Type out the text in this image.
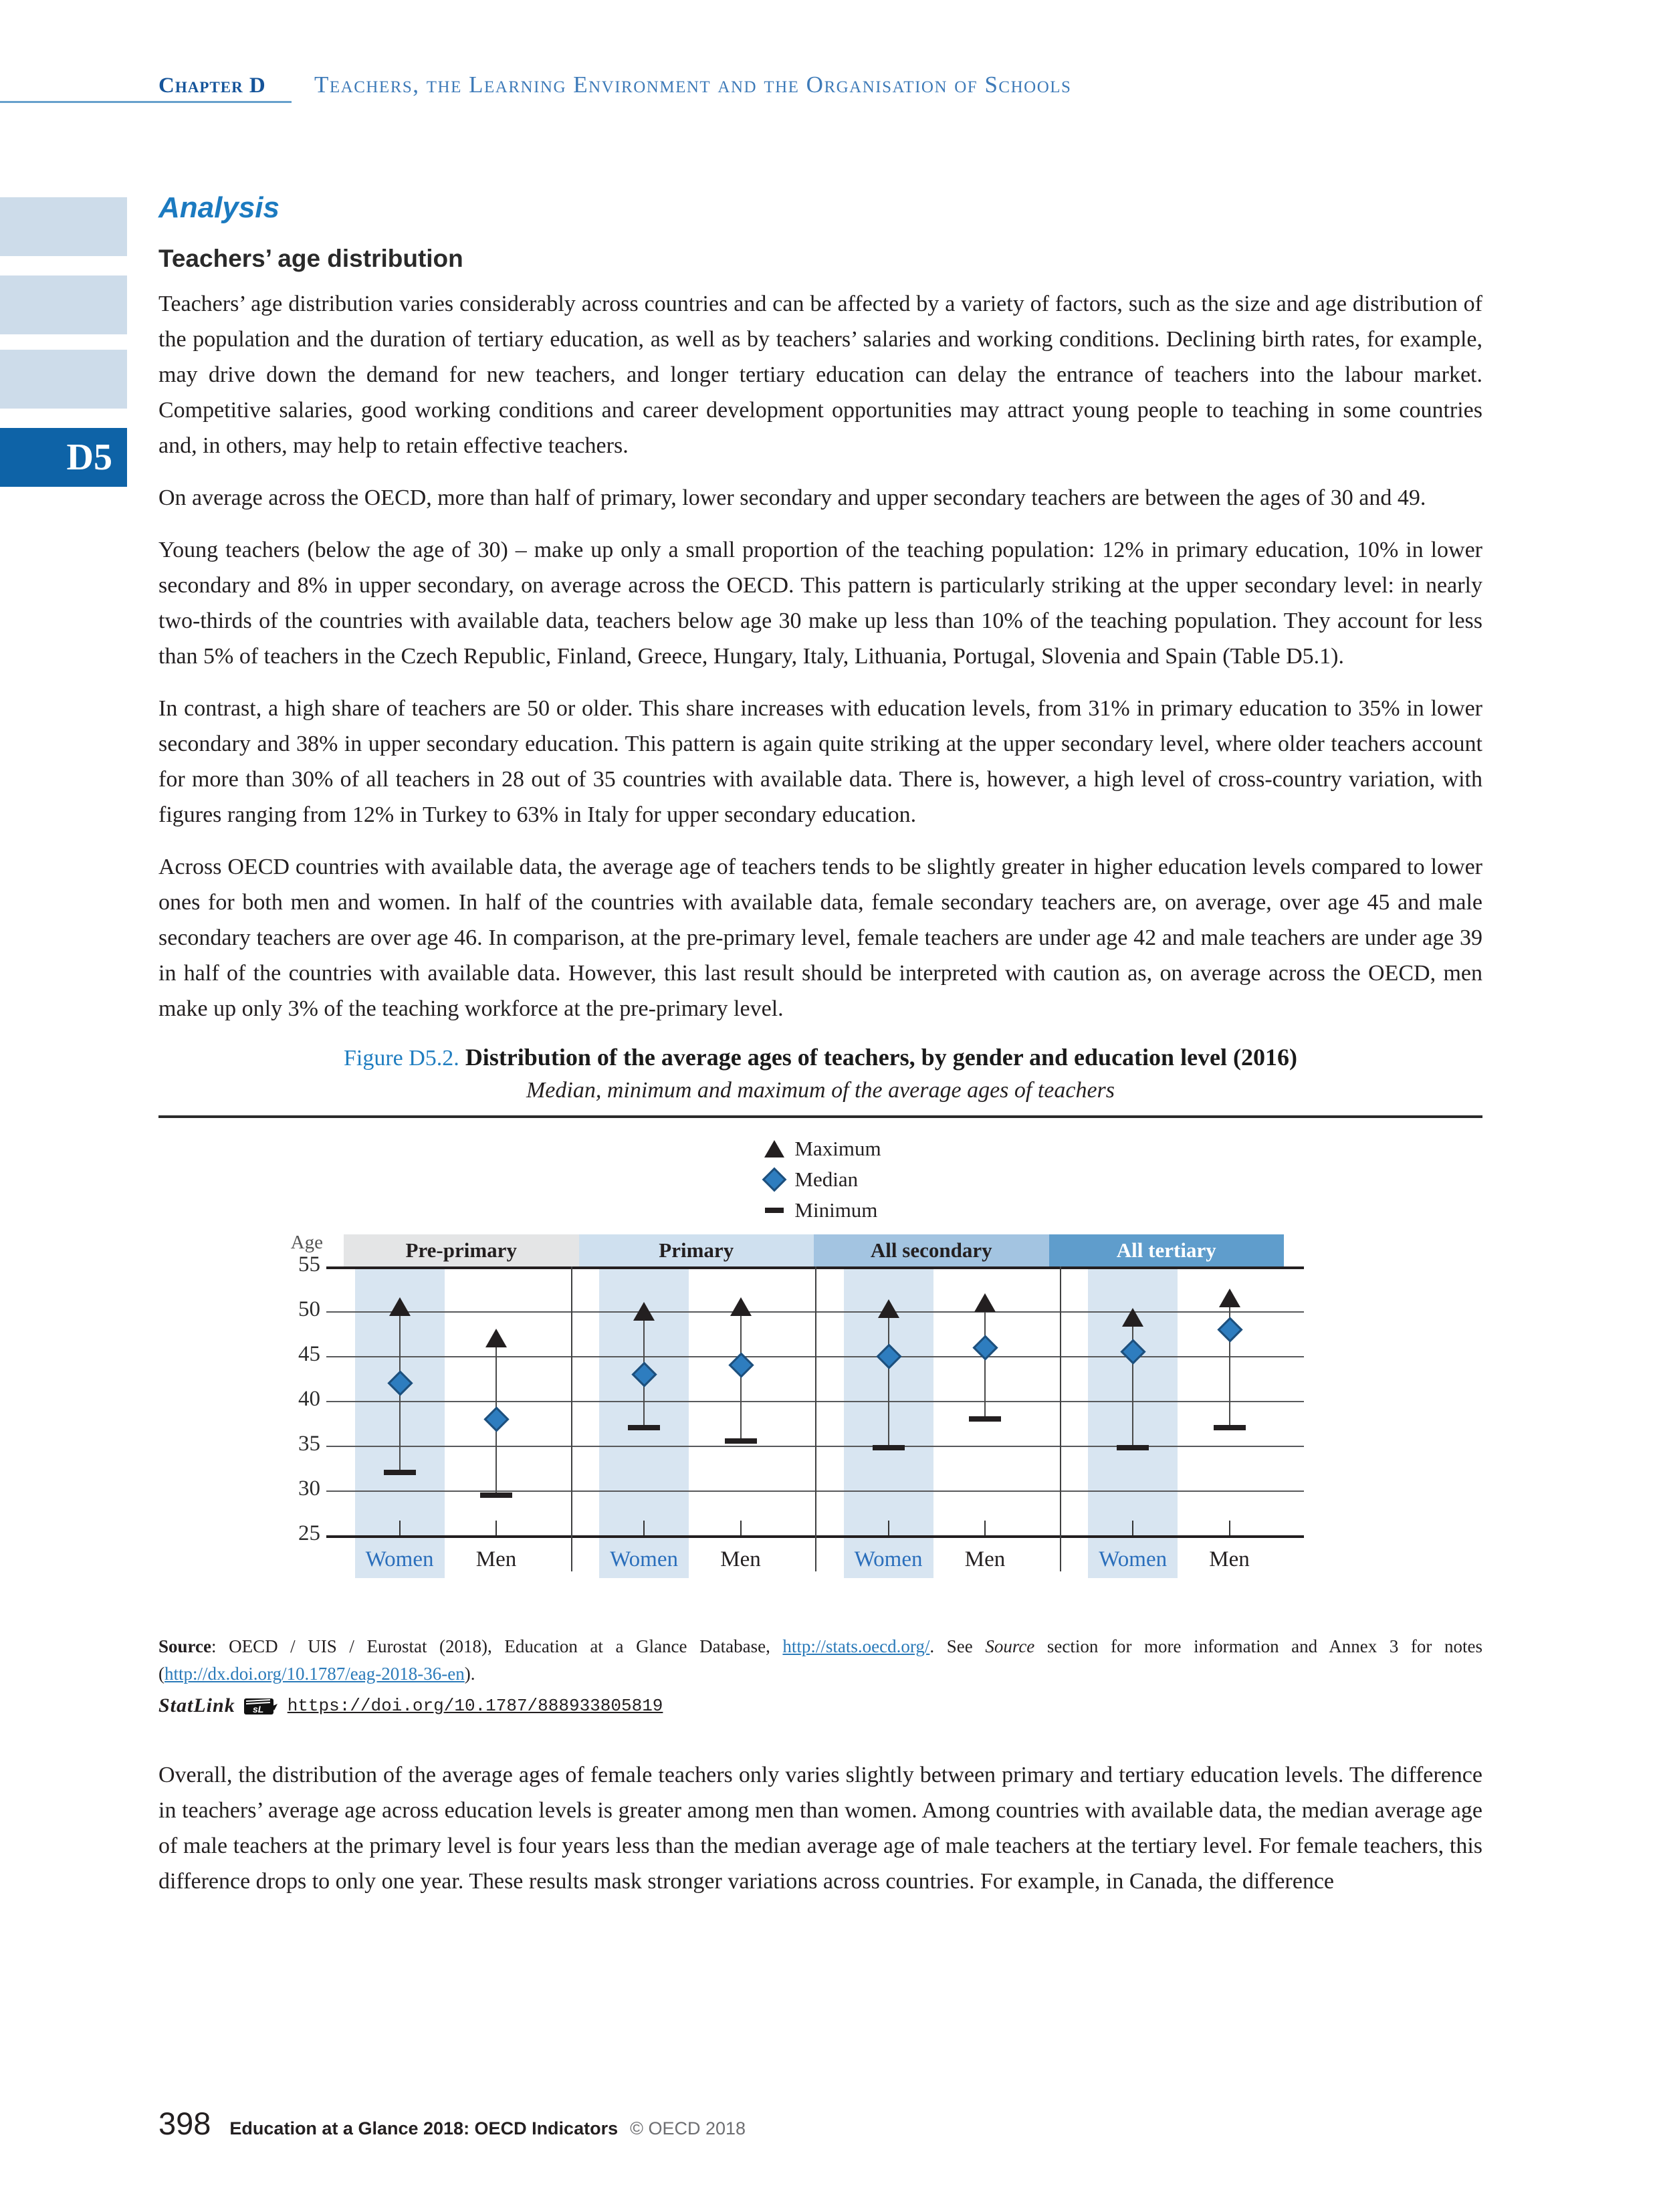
Chapter D Teachers, the Learning Environment and the Organisation of Schools
D5
Analysis
Teachers’ age distribution

Teachers’ age distribution varies considerably across countries and can be affected by a variety of factors, such as the size and age distribution of the population and the duration of tertiary education, as well as by teachers’ salaries and working conditions. Declining birth rates, for example, may drive down the demand for new teachers, and longer tertiary education can delay the entrance of teachers into the labour market. Competitive salaries, good working conditions and career development opportunities may attract young people to teaching in some countries and, in others, may help to retain effective teachers.

On average across the OECD, more than half of primary, lower secondary and upper secondary teachers are between the ages of 30 and 49.

Young teachers (below the age of 30) – make up only a small proportion of the teaching population: 12% in primary education, 10% in lower secondary and 8% in upper secondary, on average across the OECD. This pattern is particularly striking at the upper secondary level: in nearly two-thirds of the countries with available data, teachers below age 30 make up less than 10% of the teaching population. They account for less than 5% of teachers in the Czech Republic, Finland, Greece, Hungary, Italy, Lithuania, Portugal, Slovenia and Spain (Table D5.1).

In contrast, a high share of teachers are 50 or older. This share increases with education levels, from 31% in primary education to 35% in lower secondary and 38% in upper secondary education. This pattern is again quite striking at the upper secondary level, where older teachers account for more than 30% of all teachers in 28 out of 35 countries with available data. There is, however, a high level of cross-country variation, with figures ranging from 12% in Turkey to 63% in Italy for upper secondary education.

Across OECD countries with available data, the average age of teachers tends to be slightly greater in higher education levels compared to lower ones for both men and women. In half of the countries with available data, female secondary teachers are, on average, over age 45 and male secondary teachers are over age 46. In comparison, at the pre-primary level, female teachers are under age 42 and male teachers are under age 39 in half of the countries with available data. However, this last result should be interpreted with caution as, on average across the OECD, men make up only 3% of the teaching workforce at the pre-primary level.

Figure D5.2. Distribution of the average ages of teachers, by gender and education level (2016)
Median, minimum and maximum of the average ages of teachers
Maximum
Median
Minimum
Age
55
50
45
40
35
30
25
Pre-primary	Primary	All secondary	All tertiary
Women	Men	Women	Men	Women	Men	Women	Men

Source: OECD / UIS / Eurostat (2018), Education at a Glance Database, http://stats.oecd.org/. See Source section for more information and Annex 3 for notes (http://dx.doi.org/10.1787/eag-2018-36-en).

StatLink sL https://doi.org/10.1787/888933805819

Overall, the distribution of the average ages of female teachers only varies slightly between primary and tertiary education levels. The difference in teachers’ average age across education levels is greater among men than women. Among countries with available data, the median average age of male teachers at the primary level is four years less than the median average age of male teachers at the tertiary level. For female teachers, this difference drops to only one year. These results mask stronger variations across countries. For example, in Canada, the difference

398 Education at a Glance 2018: OECD Indicators © OECD 2018
